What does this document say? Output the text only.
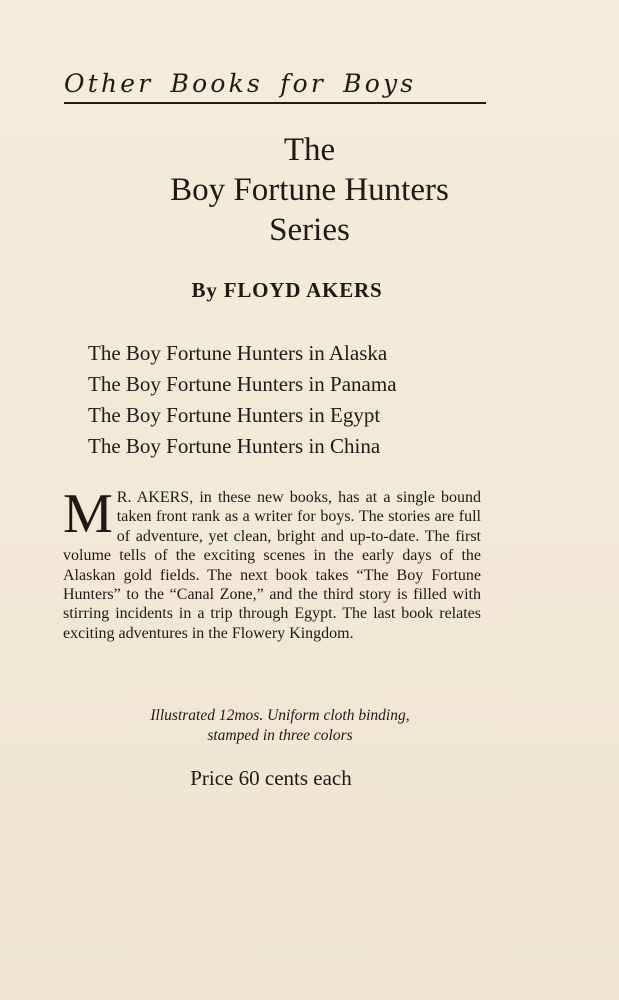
Other Books for Boys
The
Boy Fortune Hunters
Series
By FLOYD AKERS
The Boy Fortune Hunters in Alaska
The Boy Fortune Hunters in Panama
The Boy Fortune Hunters in Egypt
The Boy Fortune Hunters in China
M R. AKERS, in these new books, has at a single bound taken front rank as a writer for boys. The stories are full of adventure, yet clean, bright and up-to-date. The first volume tells of the exciting scenes in the early days of the Alaskan gold fields. The next book takes “The Boy Fortune Hunters” to the “Canal Zone,” and the third story is filled with stirring incidents in a trip through Egypt. The last book relates exciting adventures in the Flowery Kingdom.
Illustrated 12mos. Uniform cloth binding,
stamped in three colors
Price 60 cents each
